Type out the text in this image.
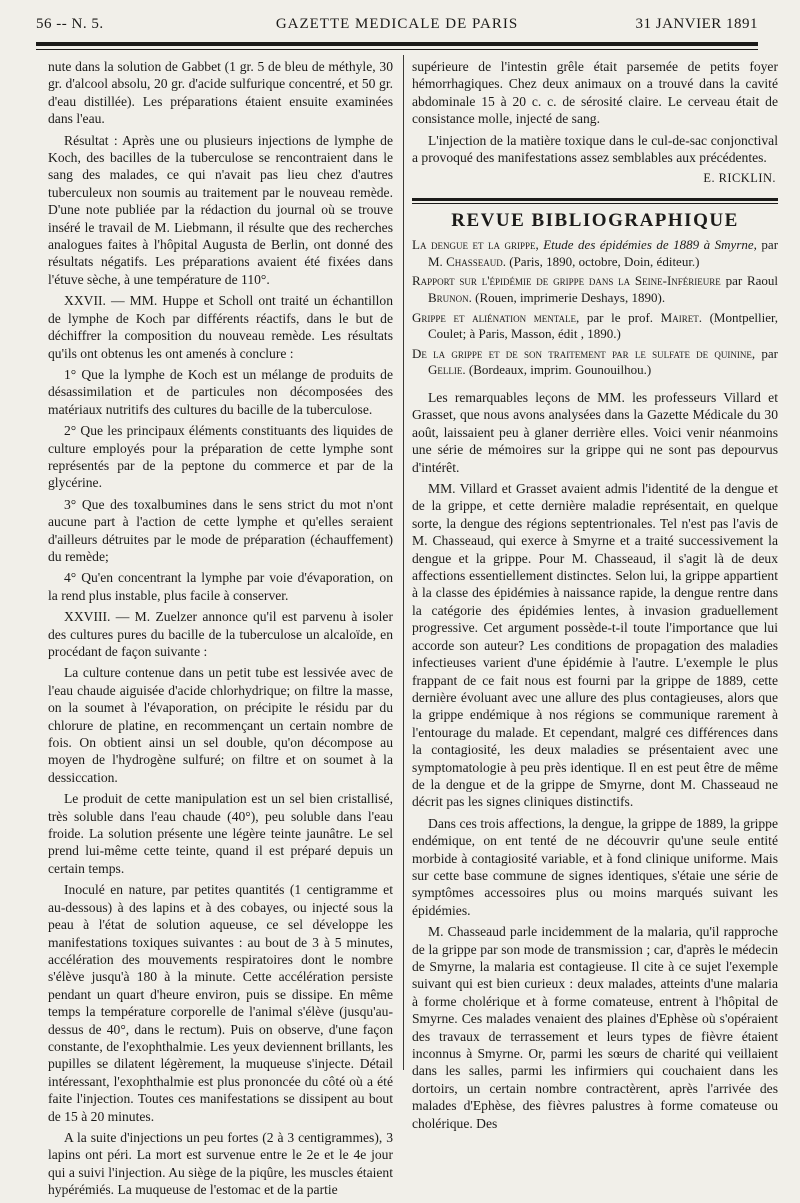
56 -- N. 5.	GAZETTE MEDICALE DE PARIS	31 JANVIER 1891

nute dans la solution de Gabbet (1 gr. 5 de bleu de méthyle, 30 gr. d'alcool absolu, 20 gr. d'acide sulfurique concentré, et 50 gr. d'eau distillée). Les préparations étaient ensuite examinées dans l'eau.

Résultat : Après une ou plusieurs injections de lymphe de Koch, des bacilles de la tuberculose se rencontraient dans le sang des malades, ce qui n'avait pas lieu chez d'autres tuberculeux non soumis au traitement par le nouveau remède. D'une note publiée par la rédaction du journal où se trouve inséré le travail de M. Liebmann, il résulte que des recherches analogues faites à l'hôpital Augusta de Berlin, ont donné des résultats négatifs. Les préparations avaient été fixées dans l'étuve sèche, à une température de 110°.

XXVII. — MM. Huppe et Scholl ont traité un échantillon de lymphe de Koch par différents réactifs, dans le but de déchiffrer la composition du nouveau remède. Les résultats qu'ils ont obtenus les ont amenés à conclure :

1° Que la lymphe de Koch est un mélange de produits de désassimilation et de particules non décomposées des matériaux nutritifs des cultures du bacille de la tuberculose.

2° Que les principaux éléments constituants des liquides de culture employés pour la préparation de cette lymphe sont représentés par de la peptone du commerce et par de la glycérine.

3° Que des toxalbumines dans le sens strict du mot n'ont aucune part à l'action de cette lymphe et qu'elles seraient d'ailleurs détruites par le mode de préparation (échauffement) du remède;

4° Qu'en concentrant la lymphe par voie d'évaporation, on la rend plus instable, plus facile à conserver.

XXVIII. — M. Zuelzer annonce qu'il est parvenu à isoler des cultures pures du bacille de la tuberculose un alcaloïde, en procédant de façon suivante :

La culture contenue dans un petit tube est lessivée avec de l'eau chaude aiguisée d'acide chlorhydrique; on filtre la masse, on la soumet à l'évaporation, on précipite le résidu par du chlorure de platine, en recommençant un certain nombre de fois. On obtient ainsi un sel double, qu'on décompose au moyen de l'hydrogène sulfuré; on filtre et on soumet à la dessiccation.

Le produit de cette manipulation est un sel bien cristallisé, très soluble dans l'eau chaude (40°), peu soluble dans l'eau froide. La solution présente une légère teinte jaunâtre. Le sel prend lui-même cette teinte, quand il est préparé depuis un certain temps.

Inoculé en nature, par petites quantités (1 centigramme et au-dessous) à des lapins et à des cobayes, ou injecté sous la peau à l'état de solution aqueuse, ce sel développe les manifestations toxiques suivantes : au bout de 3 à 5 minutes, accélération des mouvements respiratoires dont le nombre s'élève jusqu'à 180 à la minute. Cette accélération persiste pendant un quart d'heure environ, puis se dissipe. En même temps la température corporelle de l'animal s'élève (jusqu'au-dessus de 40°, dans le rectum). Puis on observe, d'une façon constante, de l'exophthalmie. Les yeux deviennent brillants, les pupilles se dilatent légèrement, la muqueuse s'injecte. Détail intéressant, l'exophthalmie est plus prononcée du côté où a été faite l'injection. Toutes ces manifestations se dissipent au bout de 15 à 20 minutes.

A la suite d'injections un peu fortes (2 à 3 centigrammes), 3 lapins ont péri. La mort est survenue entre le 2e et le 4e jour qui a suivi l'injection. Au siège de la piqûre, les muscles étaient hypérémiés. La muqueuse de l'estomac et de la partie

supérieure de l'intestin grêle était parsemée de petits foyer hémorrhagiques. Chez deux animaux on a trouvé dans la cavité abdominale 15 à 20 c. c. de sérosité claire. Le cerveau était de consistance molle, injecté de sang.

L'injection de la matière toxique dans le cul-de-sac conjonctival a provoqué des manifestations assez semblables aux précédentes.

E. RICKLIN.
REVUE BIBLIOGRAPHIQUE
La dengue et la grippe, Etude des épidémies de 1889 à Smyrne, par M. Chasseaud. (Paris, 1890, octobre, Doin, éditeur.)
Rapport sur l'épidémie de grippe dans la Seine-Inférieure par Raoul Brunon. (Rouen, imprimerie Deshays, 1890).
Grippe et aliénation mentale, par le prof. Mairet. (Montpellier, Coulet; à Paris, Masson, édit , 1890.)
De la grippe et de son traitement par le sulfate de quinine, par Gellie. (Bordeaux, imprim. Gounouilhou.)

Les remarquables leçons de MM. les professeurs Villard et Grasset, que nous avons analysées dans la Gazette Médicale du 30 août, laissaient peu à glaner derrière elles. Voici venir néanmoins une série de mémoires sur la grippe qui ne sont pas depourvus d'intérêt.

MM. Villard et Grasset avaient admis l'identité de la dengue et de la grippe, et cette dernière maladie représentait, en quelque sorte, la dengue des régions septentrionales. Tel n'est pas l'avis de M. Chasseaud, qui exerce à Smyrne et a traité successivement la dengue et la grippe. Pour M. Chasseaud, il s'agit là de deux affections essentiellement distinctes. Selon lui, la grippe appartient à la classe des épidémies à naissance rapide, la dengue rentre dans la catégorie des épidémies lentes, à invasion graduellement progressive. Cet argument possède-t-il toute l'importance que lui accorde son auteur? Les conditions de propagation des maladies infectieuses varient d'une épidémie à l'autre. L'exemple le plus frappant de ce fait nous est fourni par la grippe de 1889, cette dernière évoluant avec une allure des plus contagieuses, alors que la grippe endémique à nos régions se communique rarement à l'entourage du malade. Et cependant, malgré ces différences dans la contagiosité, les deux maladies se présentaient avec une symptomatologie à peu près identique. Il en est peut être de même de la dengue et de la grippe de Smyrne, dont M. Chasseaud ne décrit pas les signes cliniques distinctifs.

Dans ces trois affections, la dengue, la grippe de 1889, la grippe endémique, on ent tenté de ne découvrir qu'une seule entité morbide à contagiosité variable, et à fond clinique uniforme. Mais sur cette base commune de signes identiques, s'étaie une série de symptômes accessoires plus ou moins marqués suivant les épidémies.

M. Chasseaud parle incidemment de la malaria, qu'il rapproche de la grippe par son mode de transmission ; car, d'après le médecin de Smyrne, la malaria est contagieuse. Il cite à ce sujet l'exemple suivant qui est bien curieux : deux malades, atteints d'une malaria à forme cholérique et à forme comateuse, entrent à l'hôpital de Smyrne. Ces malades venaient des plaines d'Ephèse où s'opéraient des travaux de terrassement et leurs types de fièvre étaient inconnus à Smyrne. Or, parmi les sœurs de charité qui veillaient dans les salles, parmi les infirmiers qui couchaient dans les dortoirs, un certain nombre contractèrent, après l'arrivée des malades d'Ephèse, des fièvres palustres à forme comateuse ou cholérique. Des
